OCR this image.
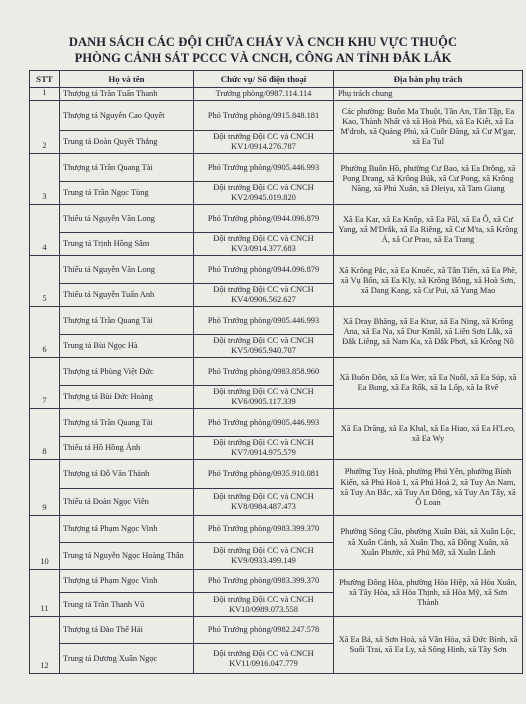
DANH SÁCH CÁC ĐỘI CHỮA CHÁY VÀ CNCH KHU VỰC THUỘC
PHÒNG CẢNH SÁT PCCC VÀ CNCH, CÔNG AN TỈNH ĐẮK LẮK
STT	Họ và tên	Chức vụ/ Số điện thoại	Địa bàn phụ trách
1	Thượng tá Trần Tuấn Thanh	Trưởng phòng/0987.114.114	Phụ trách chung
2	Thượng tá Nguyễn Cao Quyết	Phó Trưởng phòng/0915.848.181	Các phường: Buôn Ma Thuột, Tân An, Tân Tập, Ea Kao, Thành Nhất và xã Hoà Phú, xã Ea Kiết, xã Ea M'droh, xã Quảng Phú, xã Cuôr Đăng, xã Cư M'gar, xã Ea Tul
	Trung tá Đoàn Quyết Thắng	Đội trưởng Đội CC và CNCH KV1/0914.276.787	
3	Thượng tá Trần Quang Tài	Phó Trưởng phòng/0905.446.993	Phường Buôn Hồ, phường Cư Bao, xã Ea Drông, xã Pong Drang, xã Krông Búk, xã Cư Pong, xã Krông Năng, xã Phú Xuân, xã Dleiya, xã Tam Giang
	Trung tá Trần Ngọc Tùng	Đội trưởng Đội CC và CNCH KV2/0945.019.820	
4	Thiếu tá Nguyễn Văn Long	Phó Trưởng phòng/0944.096.879	Xã Ea Kar, xã Ea Knốp, xã Ea Păl, xã Ea Ô, xã Cư Yang, xã M'Drắk, xã Ea Riêng, xã Cư M'ta, xã Krông Á, xã Cư Prao, xã Ea Trang
	Trung tá Trịnh Hồng Sâm	Đội trưởng Đội CC và CNCH KV3/0914.377.683	
5	Thiếu tá Nguyễn Văn Long	Phó Trưởng phòng/0944.096.879	Xã Krông Pắc, xã Ea Knuếc, xã Tân Tiến, xã Ea Phê, xã Vụ Bổn, xã Ea Kly, xã Krông Bông, xã Hoà Sơn, xã Dang Kang, xã Cư Pui, xã Yang Mao
	Thiếu tá Nguyễn Tuấn Anh	Đội trưởng Đội CC và CNCH KV4/0906.562.627	
6	Thượng tá Trần Quang Tài	Phó Trưởng phòng/0905.446.993	Xã Dray Bhăng, xã Ea Ktur, xã Ea Ning, xã Krông Ana, xã Ea Na, xã Dur Kmăl, xã Liên Sơn Lắk, xã Đắk Liêng, xã Nam Ka, xã Đắk Phơi, xã Krông Nô
	Trung tá Bùi Ngọc Hà	Đội trưởng Đội CC và CNCH KV5/0965.940.707	
7	Thượng tá Phùng Việt Đức	Phó Trưởng phòng/0983.858.960	Xã Buôn Đôn, xã Ea Wer, xã Ea Nuôl, xã Ea Súp, xã Ea Bung, xã Ea Rốk, xã Ia Lốp, xã Ia Rvê
	Thượng tá Bùi Đức Hoàng	Đội trưởng Đội CC và CNCH KV6/0905.117.339	
8	Thượng tá Trần Quang Tài	Phó Trưởng phòng/0905.446.993	Xã Ea Drăng, xã Ea Khal, xã Ea Hiao, xã Ea H'Leo, xã Ea Wy
	Thiếu tá Hồ Hồng Ánh	Đội trưởng Đội CC và CNCH KV7/0914.975.579	
9	Thượng tá Đỗ Văn Thành	Phó Trưởng phòng/0935.910.081	Phường Tuy Hoà, phường Phú Yên, phường Bình Kiến, xã Phú Hoà 1, xã Phú Hoà 2, xã Tuy An Nam, xã Tuy An Bắc, xã Tuy An Đông, xã Tuy An Tây, xã Ô Loan
	Thiếu tá Đoàn Ngọc Viên	Đội trưởng Đội CC và CNCH KV8/0984.487.473	
10	Thượng tá Phạm Ngọc Vinh	Phó Trưởng phòng/0983.399.370	Phường Sông Cầu, phường Xuân Đài, xã Xuân Lộc, xã Xuân Cảnh, xã Xuân Thọ, xã Đồng Xuân, xã Xuân Phước, xã Phú Mỡ, xã Xuân Lãnh
	Trung tá Nguyễn Ngọc Hoàng Thân	Đội trưởng Đội CC và CNCH KV9/0933.499.149	
11	Thượng tá Phạm Ngọc Vinh	Phó Trưởng phòng/0983.399.370	Phường Đông Hòa, phường Hòa Hiệp, xã Hòa Xuân, xã Tây Hòa, xã Hòa Thịnh, xã Hòa Mỹ, xã Sơn Thành
	Trung tá Trần Thanh Vũ	Đội trưởng Đội CC và CNCH KV10/0989.073.558	
12	Thượng tá Đào Thế Hải	Phó Trưởng phòng/0982.247.578	Xã Ea Bá, xã Sơn Hoà, xã Vân Hòa, xã Đức Bình, xã Suối Trai, xã Ea Ly, xã Sông Hinh, xã Tây Sơn
	Trung tá Dương Xuân Ngọc	Đội trưởng Đội CC và CNCH KV11/0916.047.779	
